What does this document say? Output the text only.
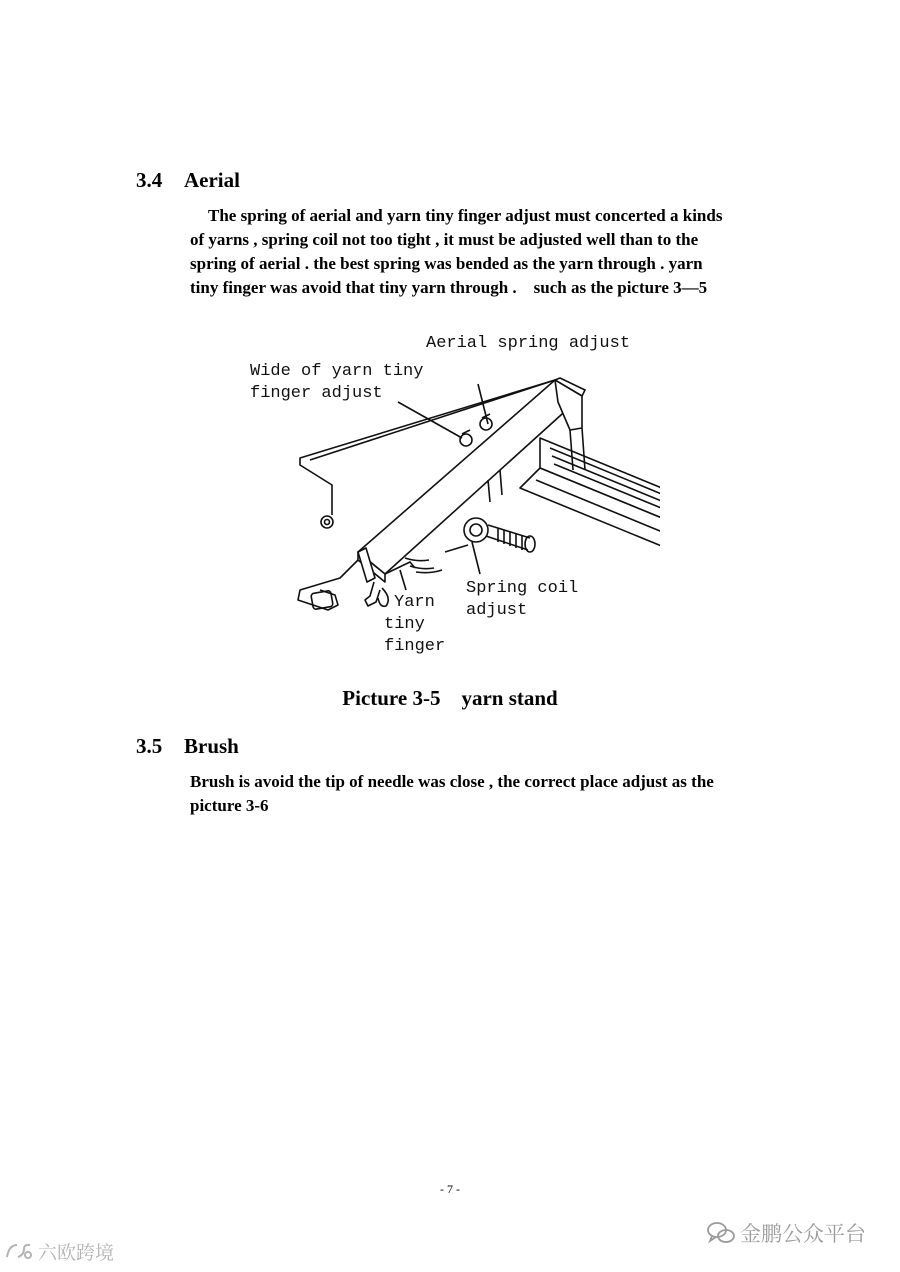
3.4 Aerial
The spring of aerial and yarn tiny finger adjust must concerted a kinds
of yarns , spring coil not too tight , it must be adjusted well than to the
spring of aerial . the best spring was bended as the yarn through . yarn
tiny finger was avoid that tiny yarn through .    such as the picture 3—5
Aerial spring adjust
Wide of yarn tiny
finger adjust
Spring coil
adjust
Yarn
tiny
finger
Picture 3-5    yarn stand
3.5 Brush
Brush is avoid the tip of needle was close , the correct place adjust as the
picture 3-6
- 7 -
六欧跨境
金鹏公众平台
